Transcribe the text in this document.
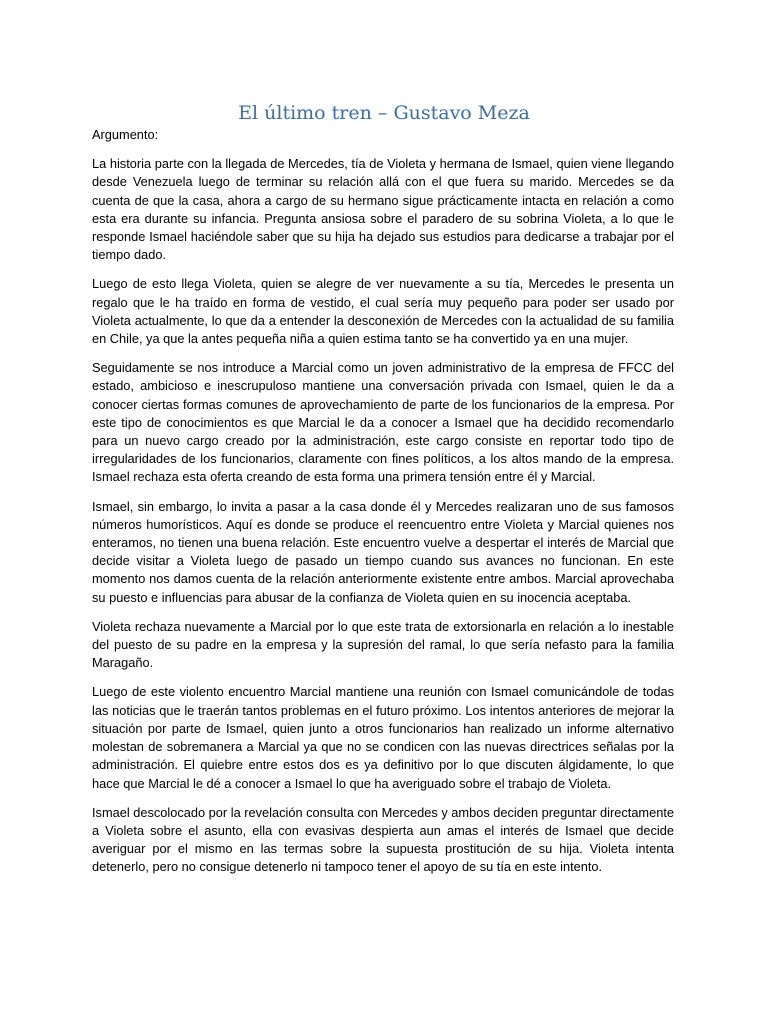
El último tren – Gustavo Meza

Argumento:

La historia parte con la llegada de Mercedes, tía de Violeta y hermana de Ismael, quien viene llegando desde Venezuela luego de terminar su relación allá con el que fuera su marido. Mercedes se da cuenta de que la casa, ahora a cargo de su hermano sigue prácticamente intacta en relación a como esta era durante su infancia. Pregunta ansiosa sobre el paradero de su sobrina Violeta, a lo que le responde Ismael haciéndole saber que su hija ha dejado sus estudios para dedicarse a trabajar por el tiempo dado.

Luego de esto llega Violeta, quien se alegre de ver nuevamente a su tía, Mercedes le presenta un regalo que le ha traído en forma de vestido, el cual sería muy pequeño para poder ser usado por Violeta actualmente, lo que da a entender la desconexión de Mercedes con la actualidad de su familia en Chile, ya que la antes pequeña niña a quien estima tanto se ha convertido ya en una mujer.

Seguidamente se nos introduce a Marcial como un joven administrativo de la empresa de FFCC del estado, ambicioso e inescrupuloso mantiene una conversación privada con Ismael, quien le da a conocer ciertas formas comunes de aprovechamiento de parte de los funcionarios de la empresa. Por este tipo de conocimientos es que Marcial le da a conocer a Ismael que ha decidido recomendarlo para un nuevo cargo creado por la administración, este cargo consiste en reportar todo tipo de irregularidades de los funcionarios, claramente con fines políticos, a los altos mando de la empresa. Ismael rechaza esta oferta creando de esta forma una primera tensión entre él y Marcial.

Ismael, sin embargo, lo invita a pasar a la casa donde él y Mercedes realizaran uno de sus famosos números humorísticos. Aquí es donde se produce el reencuentro entre Violeta y Marcial quienes nos enteramos, no tienen una buena relación. Este encuentro vuelve a despertar el interés de Marcial que decide visitar a Violeta luego de pasado un tiempo cuando sus avances no funcionan. En este momento nos damos cuenta de la relación anteriormente existente entre ambos. Marcial aprovechaba su puesto e influencias para abusar de la confianza de Violeta quien en su inocencia aceptaba.

Violeta rechaza nuevamente a Marcial por lo que este trata de extorsionarla en relación a lo inestable del puesto de su padre en la empresa y la supresión del ramal, lo que sería nefasto para la familia Maragaño.

Luego de este violento encuentro Marcial mantiene una reunión con Ismael comunicándole de todas las noticias que le traerán tantos problemas en el futuro próximo. Los intentos anteriores de mejorar la situación por parte de Ismael, quien junto a otros funcionarios han realizado un informe alternativo molestan de sobremanera a Marcial ya que no se condicen con las nuevas directrices señalas por la administración. El quiebre entre estos dos es ya definitivo por lo que discuten álgidamente, lo que hace que Marcial le dé a conocer a Ismael lo que ha averiguado sobre el trabajo de Violeta.

Ismael descolocado por la revelación consulta con Mercedes y ambos deciden preguntar directamente a Violeta sobre el asunto, ella con evasivas despierta aun amas el interés de Ismael que decide averiguar por el mismo en las termas sobre la supuesta prostitución de su hija. Violeta intenta detenerlo, pero no consigue detenerlo ni tampoco tener el apoyo de su tía en este intento.
